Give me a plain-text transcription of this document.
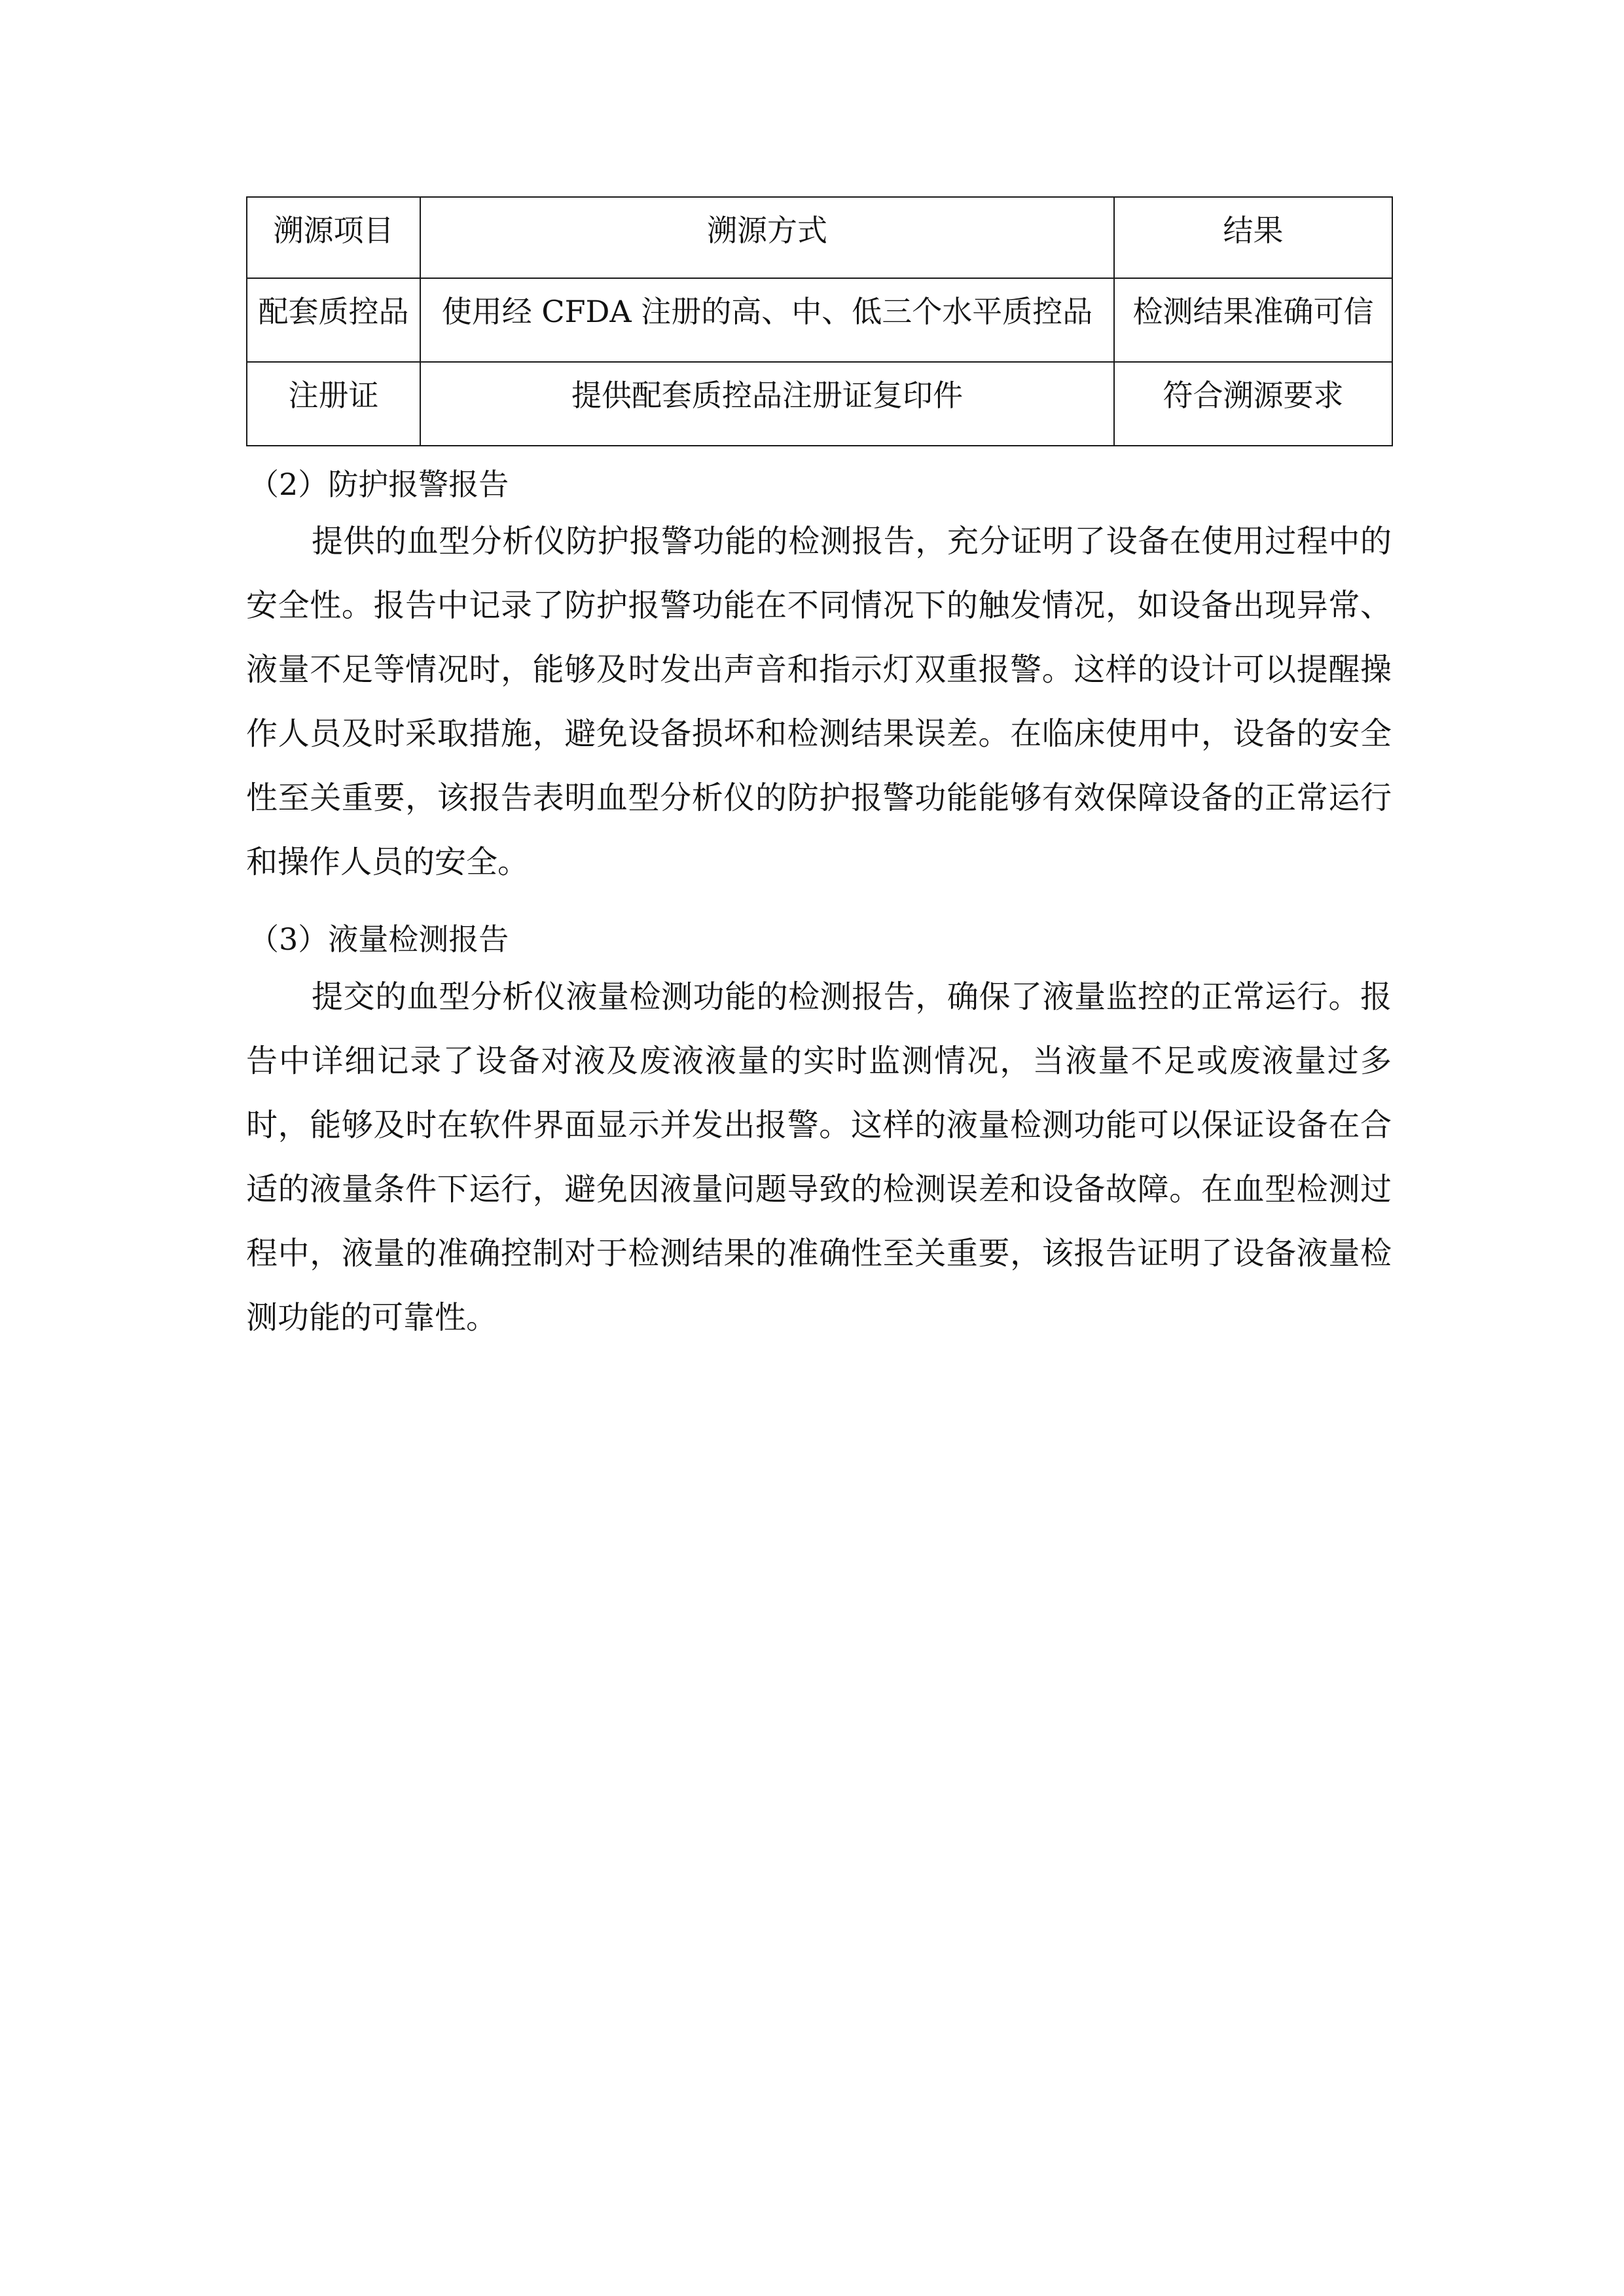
溯源项目	溯源方式	结果
配套质控品	使用经 CFDA 注册的高、中、低三个水平质控品	检测结果准确可信
注册证	提供配套质控品注册证复印件	符合溯源要求
（2）防护报警报告

提供的血型分析仪防护报警功能的检测报告，充分证明了设备在使用过程中的安全性。报告中记录了防护报警功能在不同情况下的触发情况，如设备出现异常、液量不足等情况时，能够及时发出声音和指示灯双重报警。这样的设计可以提醒操作人员及时采取措施，避免设备损坏和检测结果误差。在临床使用中，设备的安全性至关重要，该报告表明血型分析仪的防护报警功能能够有效保障设备的正常运行和操作人员的安全。

（3）液量检测报告

提交的血型分析仪液量检测功能的检测报告，确保了液量监控的正常运行。报告中详细记录了设备对液及废液液量的实时监测情况，当液量不足或废液量过多时，能够及时在软件界面显示并发出报警。这样的液量检测功能可以保证设备在合适的液量条件下运行，避免因液量问题导致的检测误差和设备故障。在血型检测过程中，液量的准确控制对于检测结果的准确性至关重要，该报告证明了设备液量检测功能的可靠性。
